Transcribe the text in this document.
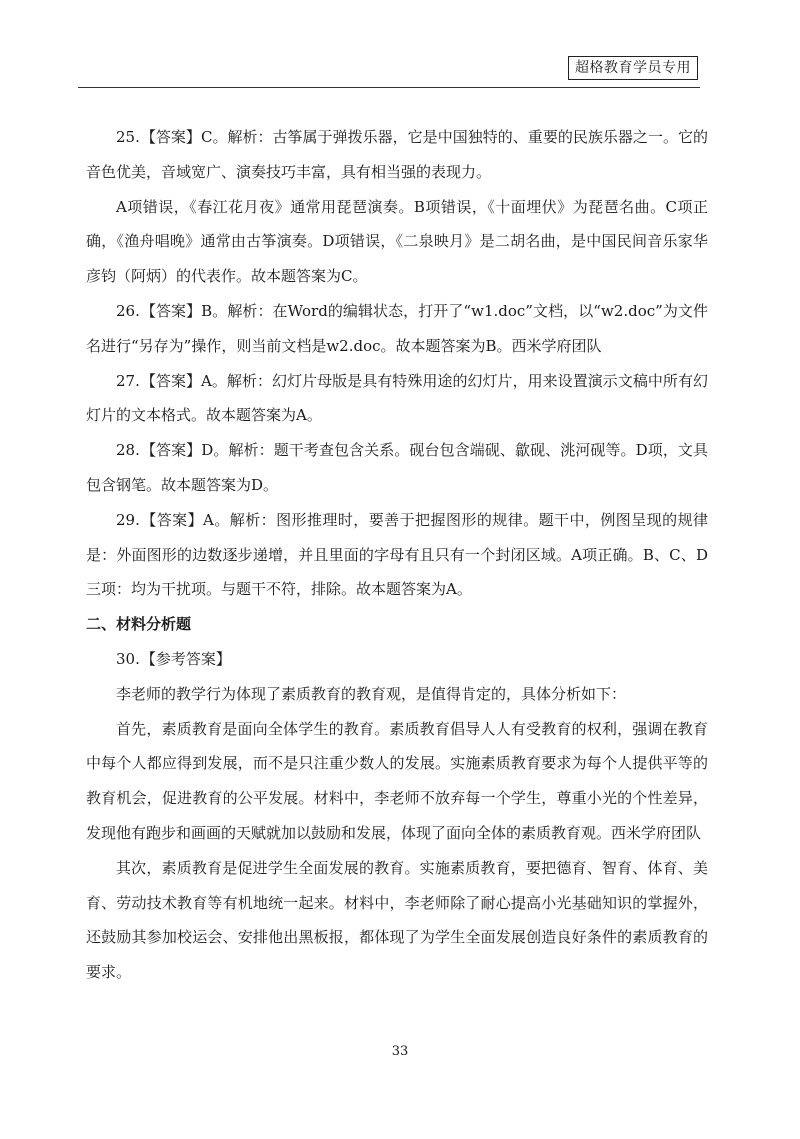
超格教育学员专用

25.【答案】C。解析：古筝属于弹拨乐器，它是中国独特的、重要的民族乐器之一。它的音色优美，音域宽广、演奏技巧丰富，具有相当强的表现力。

A项错误，《春江花月夜》通常用琵琶演奏。B项错误，《十面埋伏》为琵琶名曲。C项正确，《渔舟唱晚》通常由古筝演奏。D项错误，《二泉映月》是二胡名曲，是中国民间音乐家华彦钧（阿炳）的代表作。故本题答案为C。

26.【答案】B。解析：在Word的编辑状态，打开了“w1.doc”文档，以“w2.doc”为文件名进行“另存为”操作，则当前文档是w2.doc。故本题答案为B。西米学府团队

27.【答案】A。解析：幻灯片母版是具有特殊用途的幻灯片，用来设置演示文稿中所有幻灯片的文本格式。故本题答案为A。

28.【答案】D。解析：题干考查包含关系。砚台包含端砚、歙砚、洮河砚等。D项，文具包含钢笔。故本题答案为D。

29.【答案】A。解析：图形推理时，要善于把握图形的规律。题干中，例图呈现的规律是：外面图形的边数逐步递增，并且里面的字母有且只有一个封闭区域。A项正确。B、C、D三项：均为干扰项。与题干不符，排除。故本题答案为A。

二、材料分析题

30.【参考答案】

李老师的教学行为体现了素质教育的教育观，是值得肯定的，具体分析如下：

首先，素质教育是面向全体学生的教育。素质教育倡导人人有受教育的权利，强调在教育中每个人都应得到发展，而不是只注重少数人的发展。实施素质教育要求为每个人提供平等的教育机会，促进教育的公平发展。材料中，李老师不放弃每一个学生，尊重小光的个性差异，发现他有跑步和画画的天赋就加以鼓励和发展，体现了面向全体的素质教育观。西米学府团队

其次，素质教育是促进学生全面发展的教育。实施素质教育，要把德育、智育、体育、美育、劳动技术教育等有机地统一起来。材料中，李老师除了耐心提高小光基础知识的掌握外，还鼓励其参加校运会、安排他出黑板报，都体现了为学生全面发展创造良好条件的素质教育的要求。

33
